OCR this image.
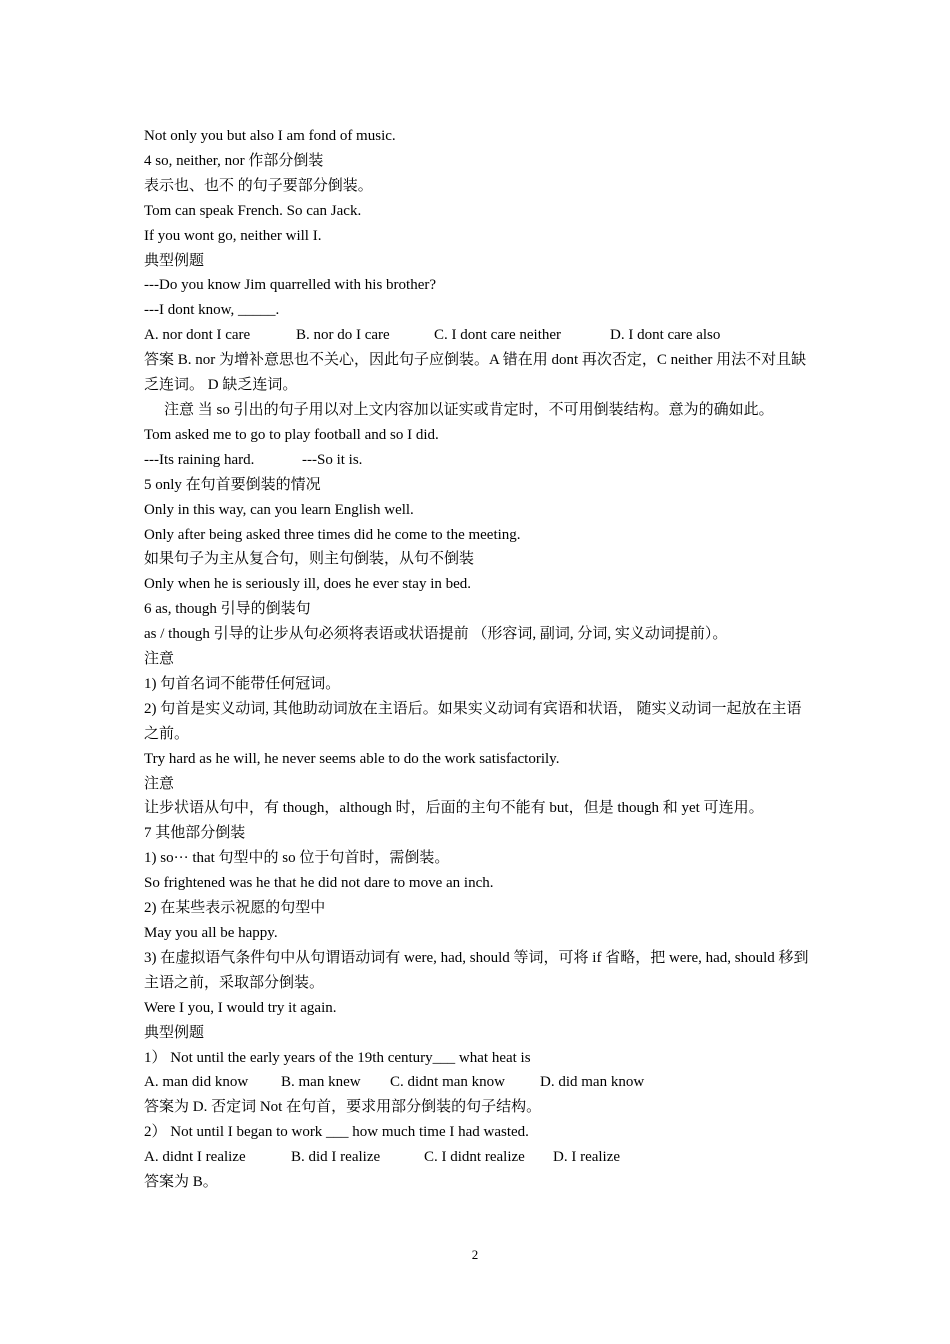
Not only you but also I am fond of music.
4 so, neither, nor 作部分倒装
表示也、也不 的句子要部分倒装。
Tom can speak French. So can Jack.
If you wont go, neither will I.
典型例题
---Do you know Jim quarrelled with his brother?
---I dont know, _____.
A. nor dont I care	B. nor do I care	C. I dont care neither	D. I dont care also
答案 B. nor 为增补意思也不关心，因此句子应倒装。A 错在用 dont 再次否定，C neither 用法不对且缺乏连词。 D 缺乏连词。
注意 当 so 引出的句子用以对上文内容加以证实或肯定时，不可用倒装结构。意为的确如此。
Tom asked me to go to play football and so I did.
---Its raining hard.	---So it is.
5 only 在句首要倒装的情况
Only in this way, can you learn English well.
Only after being asked three times did he come to the meeting.
如果句子为主从复合句，则主句倒装，从句不倒装
Only when he is seriously ill, does he ever stay in bed.
6 as, though 引导的倒装句
as / though 引导的让步从句必须将表语或状语提前 （形容词, 副词, 分词, 实义动词提前）。
注意
1) 句首名词不能带任何冠词。
2) 句首是实义动词, 其他助动词放在主语后。如果实义动词有宾语和状语， 随实义动词一起放在主语之前。
Try hard as he will, he never seems able to do the work satisfactorily.
注意
让步状语从句中，有 though，although 时，后面的主句不能有 but，但是 though 和 yet 可连用。
7 其他部分倒装
1) so··· that 句型中的 so 位于句首时，需倒装。
So frightened was he that he did not dare to move an inch.
2) 在某些表示祝愿的句型中
May you all be happy.
3) 在虚拟语气条件句中从句谓语动词有 were, had, should 等词，可将 if 省略，把 were, had, should 移到主语之前，采取部分倒装。
Were I you, I would try it again.
典型例题
1） Not until the early years of the 19th century___ what heat is
A. man did know B. man knew C. didnt man know D. did man know
答案为 D. 否定词 Not 在句首，要求用部分倒装的句子结构。
2） Not until I began to work ___ how much time I had wasted.
A. didnt I realize	B. did I realize	C. I didnt realize D. I realize
答案为 B。
2
